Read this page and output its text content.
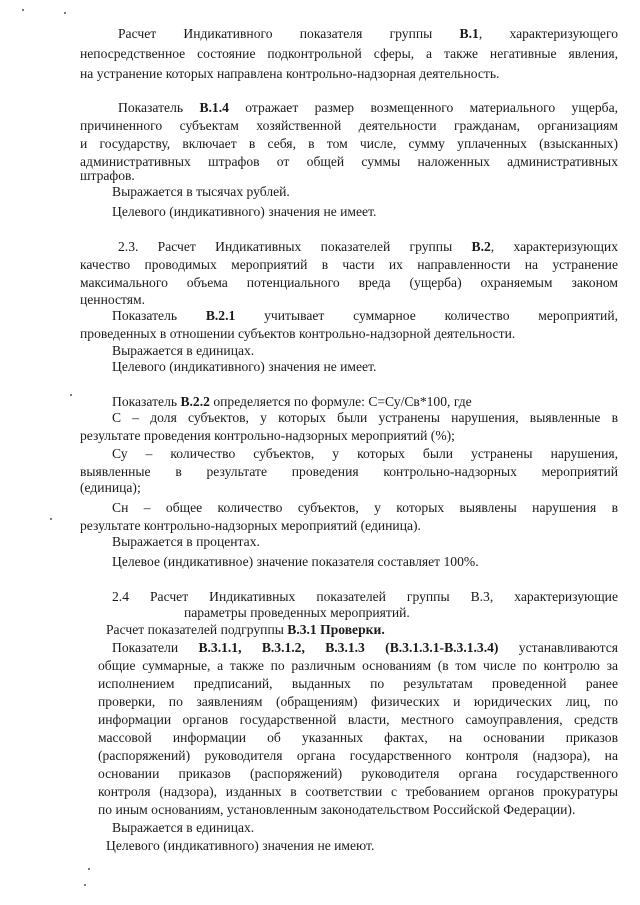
Расчет Индикативного показателя группы В.1, характеризующего
непосредственное состояние подконтрольной сферы, а также негативные явления,
на устранение которых направлена контрольно-надзорная деятельность.
Показатель В.1.4 отражает размер возмещенного материального ущерба,
причиненного субъектам хозяйственной деятельности гражданам, организациям
и государству, включает в себя, в том числе, сумму уплаченных (взысканных)
административных штрафов от общей суммы наложенных административных
штрафов.
Выражается в тысячах рублей.
Целевого (индикативного) значения не имеет.
2.3. Расчет Индикативных показателей группы В.2, характеризующих
качество проводимых мероприятий в части их направленности на устранение
максимального объема потенциального вреда (ущерба) охраняемым законом
ценностям.
Показатель В.2.1 учитывает суммарное количество мероприятий,
проведенных в отношении субъектов контрольно-надзорной деятельности.
Выражается в единицах.
Целевого (индикативного) значения не имеет.
Показатель В.2.2 определяется по формуле: С=Су/Св*100, где
С – доля субъектов, у которых были устранены нарушения, выявленные в
результате проведения контрольно-надзорных мероприятий (%);
Су – количество субъектов, у которых были устранены нарушения,
выявленные в результате проведения контрольно-надзорных мероприятий
(единица);
Сн – общее количество субъектов, у которых выявлены нарушения в
результате контрольно-надзорных мероприятий (единица).
Выражается в процентах.
Целевое (индикативное) значение показателя составляет 100%.
2.4 Расчет Индикативных показателей группы В.3, характеризующие
параметры проведенных мероприятий.
Расчет показателей подгруппы В.3.1 Проверки.
Показатели В.3.1.1, В.3.1.2, В.3.1.3 (В.3.1.3.1-В.3.1.3.4) устанавливаются
общие суммарные, а также по различным основаниям (в том числе по контролю за
исполнением предписаний, выданных по результатам проведенной ранее
проверки, по заявлениям (обращениям) физических и юридических лиц, по
информации органов государственной власти, местного самоуправления, средств
массовой информации об указанных фактах, на основании приказов
(распоряжений) руководителя органа государственного контроля (надзора), на
основании приказов (распоряжений) руководителя органа государственного
контроля (надзора), изданных в соответствии с требованием органов прокуратуры
по иным основаниям, установленным законодательством Российской Федерации).
Выражается в единицах.
Целевого (индикативного) значения не имеют.
